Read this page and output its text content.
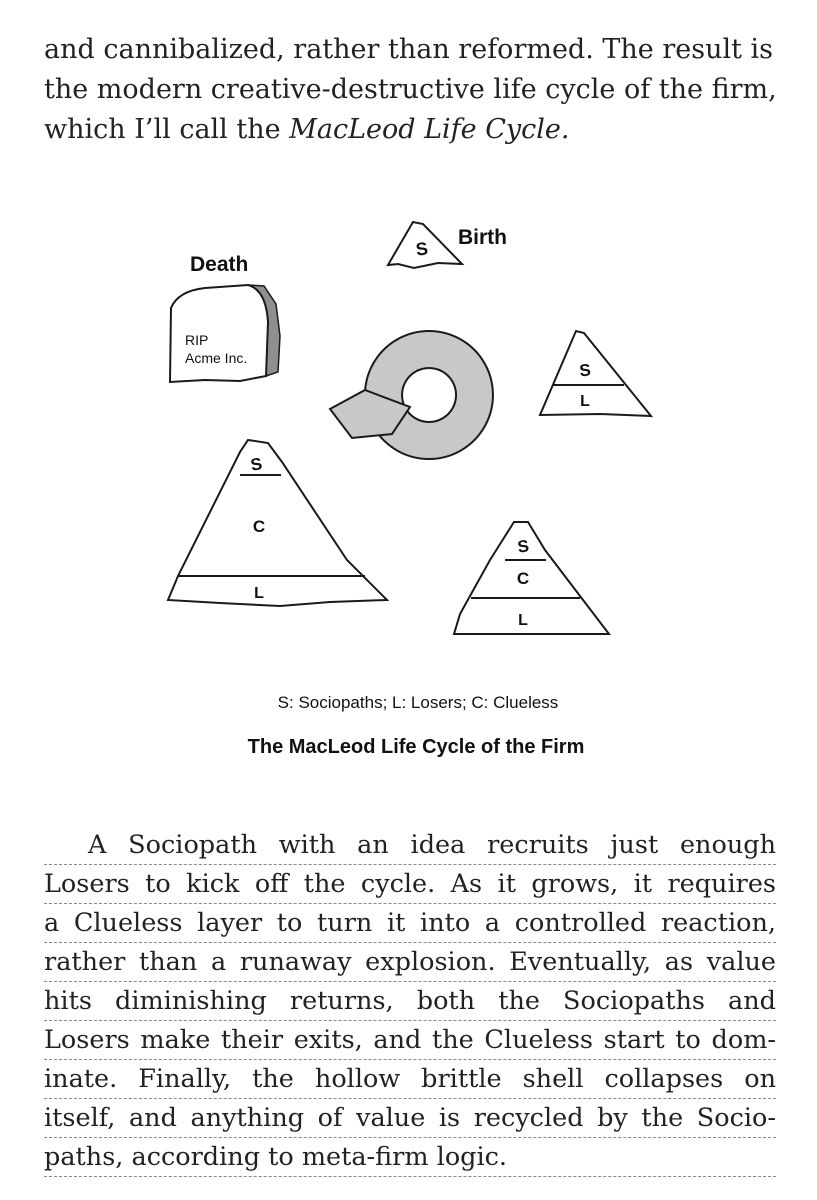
and cannibalized, rather than reformed. The result is
the modern creative-destructive life cycle of the firm,
which I’ll call the MacLeod Life Cycle.
S
Birth
Death
RIP
Acme Inc.
S
L
S
C
L
S
C
L
S: Sociopaths; L: Losers; C: Clueless
The MacLeod Life Cycle of the Firm
A Sociopath with an idea recruits just enough
Losers to kick off the cycle. As it grows, it requires
a Clueless layer to turn it into a controlled reaction,
rather than a runaway explosion. Eventually, as value
hits diminishing returns, both the Sociopaths and
Losers make their exits, and the Clueless start to dom-
inate. Finally, the hollow brittle shell collapses on
itself, and anything of value is recycled by the Socio-
paths, according to meta-firm logic.
